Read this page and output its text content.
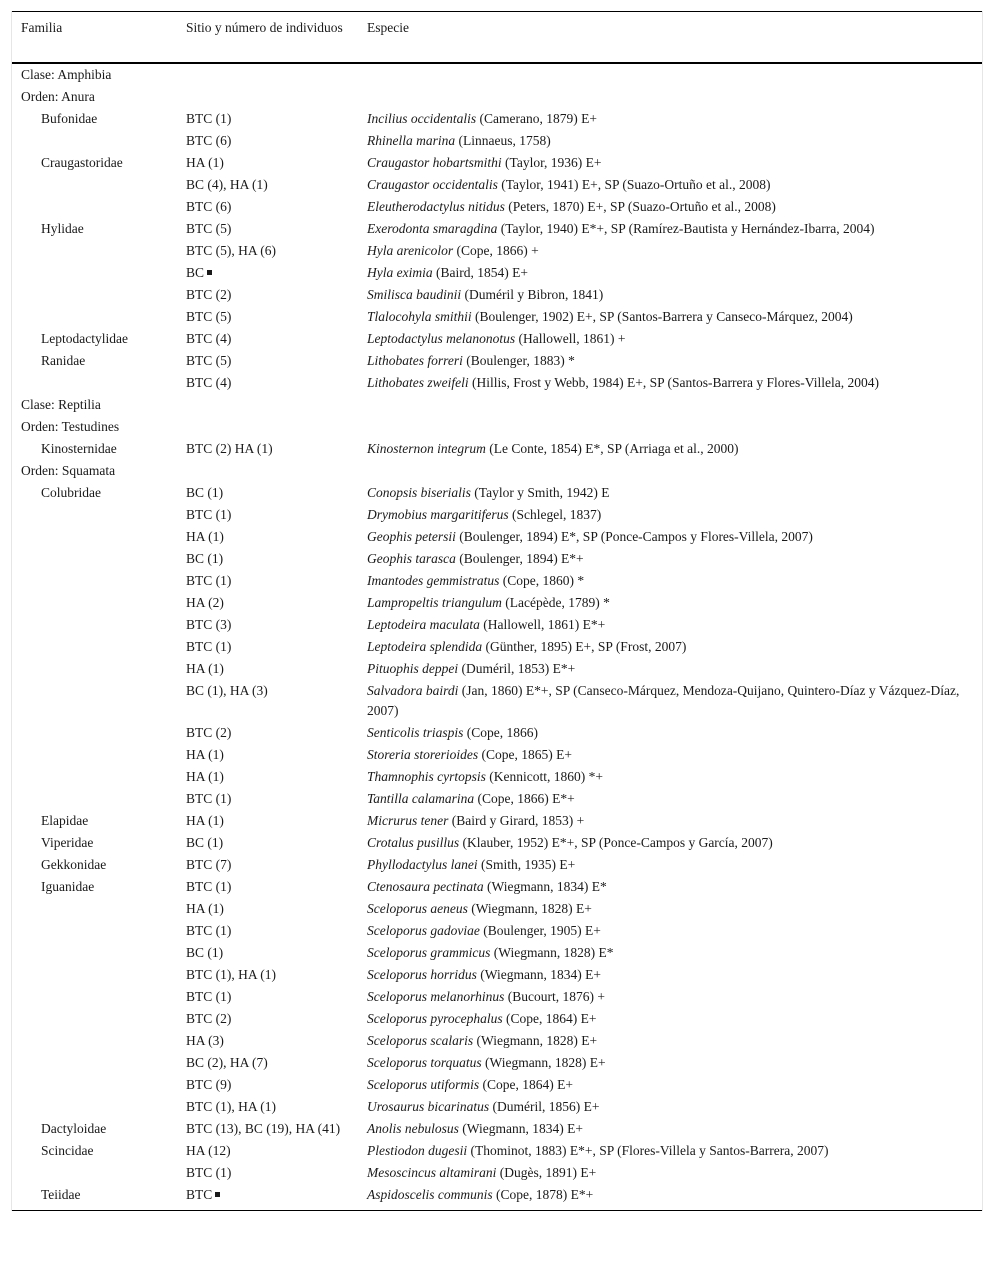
Familia	Sitio y número de individuos	Especie
Clase: Amphibia		
Orden: Anura		
Bufonidae	BTC (1)	Incilius occidentalis (Camerano, 1879) E+
	BTC (6)	Rhinella marina (Linnaeus, 1758)
Craugastoridae	HA (1)	Craugastor hobartsmithi (Taylor, 1936) E+
	BC (4), HA (1)	Craugastor occidentalis (Taylor, 1941) E+, SP (Suazo-Ortuño et al., 2008)
	BTC (6)	Eleutherodactylus nitidus (Peters, 1870) E+, SP (Suazo-Ortuño et al., 2008)
Hylidae	BTC (5)	Exerodonta smaragdina (Taylor, 1940) E*+, SP (Ramírez-Bautista y Hernández-Ibarra, 2004)
	BTC (5), HA (6)	Hyla arenicolor (Cope, 1866) +
	BC	Hyla eximia (Baird, 1854) E+
	BTC (2)	Smilisca baudinii (Duméril y Bibron, 1841)
	BTC (5)	Tlalocohyla smithii (Boulenger, 1902) E+, SP (Santos-Barrera y Canseco-Márquez, 2004)
Leptodactylidae	BTC (4)	Leptodactylus melanonotus (Hallowell, 1861) +
Ranidae	BTC (5)	Lithobates forreri (Boulenger, 1883) *
	BTC (4)	Lithobates zweifeli (Hillis, Frost y Webb, 1984) E+, SP (Santos-Barrera y Flores-Villela, 2004)
Clase: Reptilia		
Orden: Testudines		
Kinosternidae	BTC (2) HA (1)	Kinosternon integrum (Le Conte, 1854) E*, SP (Arriaga et al., 2000)
Orden: Squamata		
Colubridae	BC (1)	Conopsis biserialis (Taylor y Smith, 1942) E
	BTC (1)	Drymobius margaritiferus (Schlegel, 1837)
	HA (1)	Geophis petersii (Boulenger, 1894) E*, SP (Ponce-Campos y Flores-Villela, 2007)
	BC (1)	Geophis tarasca (Boulenger, 1894) E*+
	BTC (1)	Imantodes gemmistratus (Cope, 1860) *
	HA (2)	Lampropeltis triangulum (Lacépède, 1789) *
	BTC (3)	Leptodeira maculata (Hallowell, 1861) E*+
	BTC (1)	Leptodeira splendida (Günther, 1895) E+, SP (Frost, 2007)
	HA (1)	Pituophis deppei (Duméril, 1853) E*+
	BC (1), HA (3)	Salvadora bairdi (Jan, 1860) E*+, SP (Canseco-Márquez, Mendoza-Quijano, Quintero-Díaz y Vázquez-Díaz, 2007)
	BTC (2)	Senticolis triaspis (Cope, 1866)
	HA (1)	Storeria storerioides (Cope, 1865) E+
	HA (1)	Thamnophis cyrtopsis (Kennicott, 1860) *+
	BTC (1)	Tantilla calamarina (Cope, 1866) E*+
Elapidae	HA (1)	Micrurus tener (Baird y Girard, 1853) +
Viperidae	BC (1)	Crotalus pusillus (Klauber, 1952) E*+, SP (Ponce-Campos y García, 2007)
Gekkonidae	BTC (7)	Phyllodactylus lanei (Smith, 1935) E+
Iguanidae	BTC (1)	Ctenosaura pectinata (Wiegmann, 1834) E*
	HA (1)	Sceloporus aeneus (Wiegmann, 1828) E+
	BTC (1)	Sceloporus gadoviae (Boulenger, 1905) E+
	BC (1)	Sceloporus grammicus (Wiegmann, 1828) E*
	BTC (1), HA (1)	Sceloporus horridus (Wiegmann, 1834) E+
	BTC (1)	Sceloporus melanorhinus (Bucourt, 1876) +
	BTC (2)	Sceloporus pyrocephalus (Cope, 1864) E+
	HA (3)	Sceloporus scalaris (Wiegmann, 1828) E+
	BC (2), HA (7)	Sceloporus torquatus (Wiegmann, 1828) E+
	BTC (9)	Sceloporus utiformis (Cope, 1864) E+
	BTC (1), HA (1)	Urosaurus bicarinatus (Duméril, 1856) E+
Dactyloidae	BTC (13), BC (19), HA (41)	Anolis nebulosus (Wiegmann, 1834) E+
Scincidae	HA (12)	Plestiodon dugesii (Thominot, 1883) E*+, SP (Flores-Villela y Santos-Barrera, 2007)
	BTC (1)	Mesoscincus altamirani (Dugès, 1891) E+
Teiidae	BTC	Aspidoscelis communis (Cope, 1878) E*+
